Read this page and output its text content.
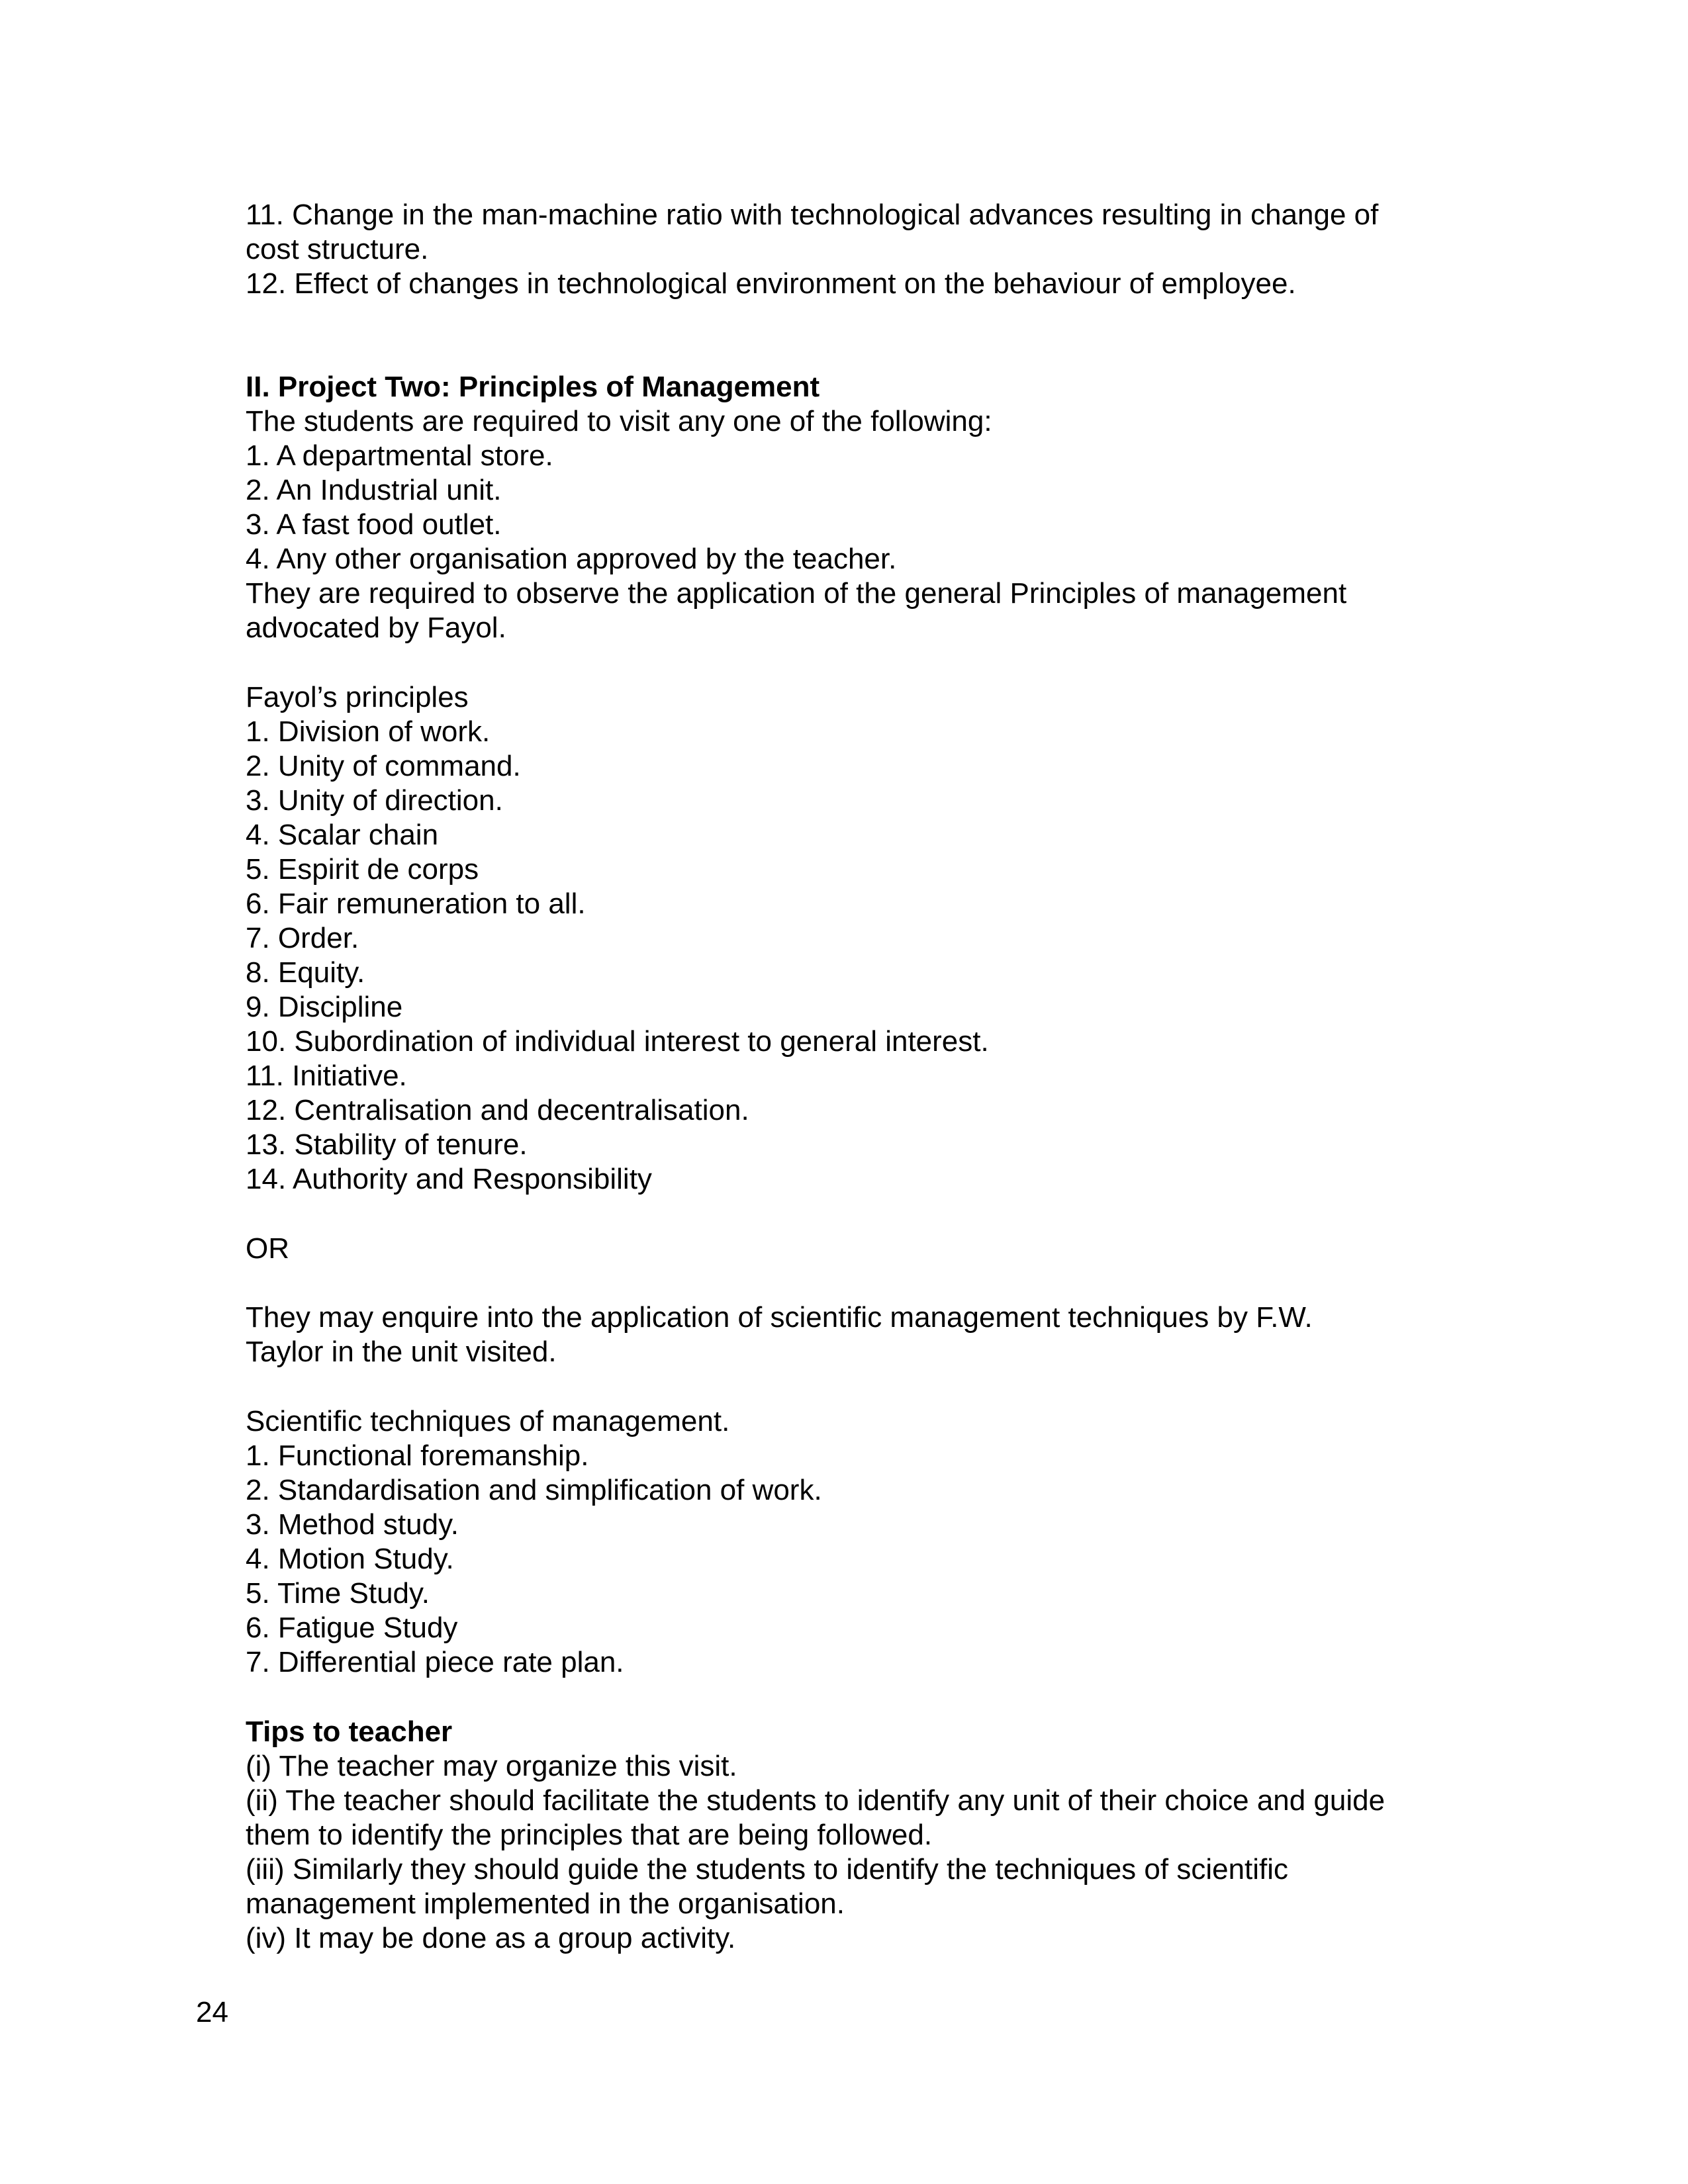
11. Change in the man-machine ratio with technological advances resulting in change of
cost structure.
12. Effect of changes in technological environment on the behaviour of employee.
II. Project Two: Principles of Management
The students are required to visit any one of the following:
1. A departmental store.
2. An Industrial unit.
3. A fast food outlet.
4. Any other organisation approved by the teacher.
They are required to observe the application of the general Principles of management
advocated by Fayol.
Fayol’s principles
1. Division of work.
2. Unity of command.
3. Unity of direction.
4. Scalar chain
5. Espirit de corps
6. Fair remuneration to all.
7. Order.
8. Equity.
9. Discipline
10. Subordination of individual interest to general interest.
11. Initiative.
12. Centralisation and decentralisation.
13. Stability of tenure.
14. Authority and Responsibility
OR
They may enquire into the application of scientific management techniques by F.W.
Taylor in the unit visited.
Scientific techniques of management.
1. Functional foremanship.
2. Standardisation and simplification of work.
3. Method study.
4. Motion Study.
5. Time Study.
6. Fatigue Study
7. Differential piece rate plan.
Tips to teacher
(i) The teacher may organize this visit.
(ii) The teacher should facilitate the students to identify any unit of their choice and guide
them to identify the principles that are being followed.
(iii) Similarly they should guide the students to identify the techniques of scientific
management implemented in the organisation.
(iv) It may be done as a group activity.
24
